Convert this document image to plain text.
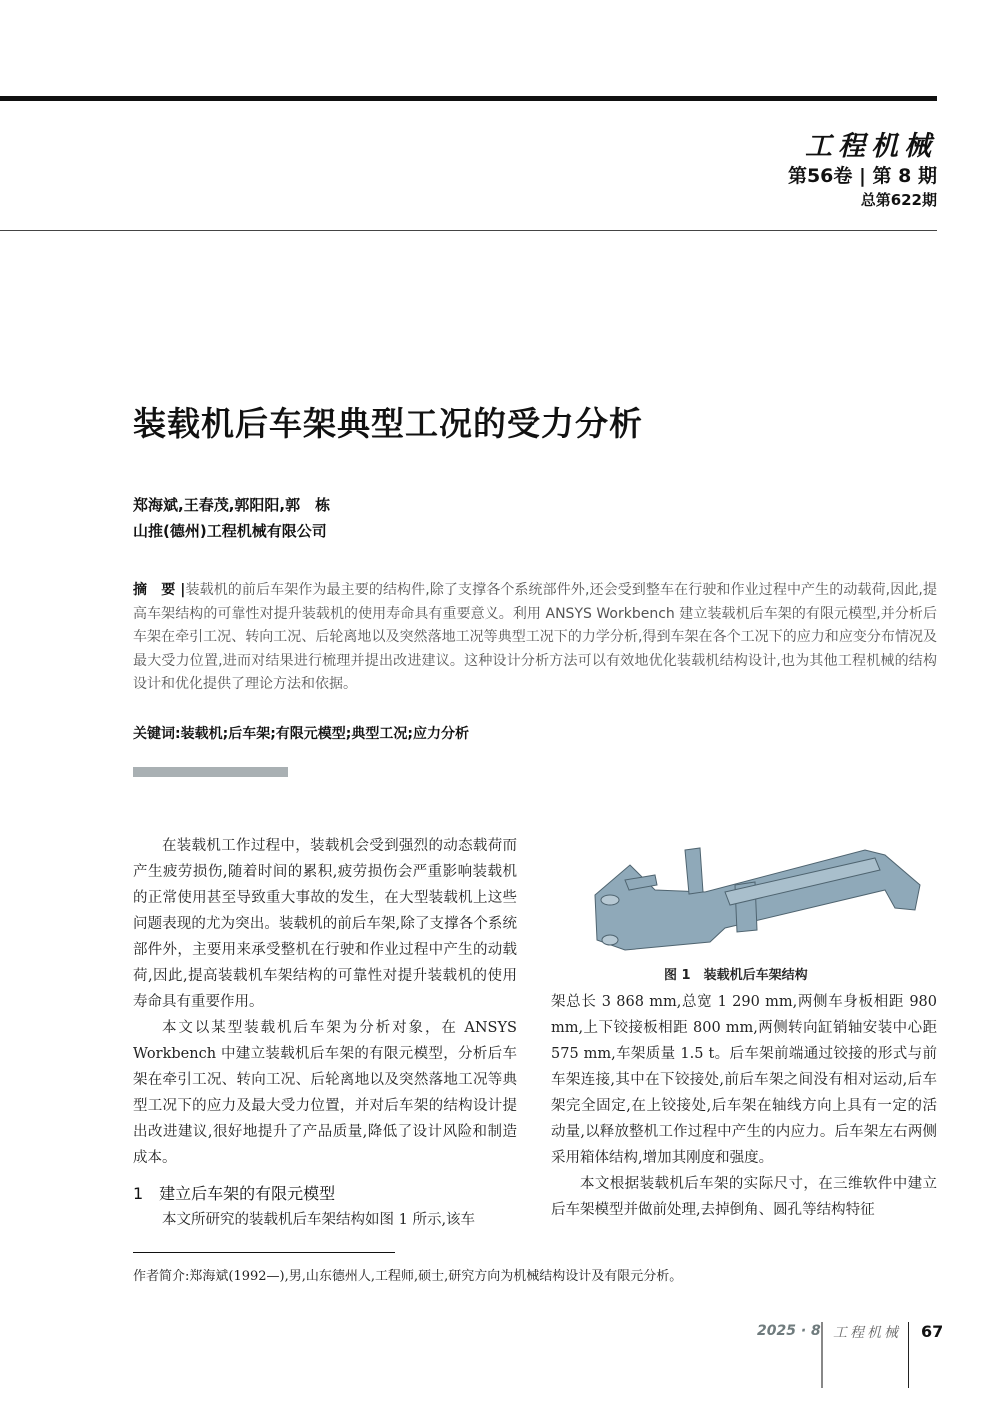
工程机械
第56卷 | 第 8 期
总第622期
装载机后车架典型工况的受力分析
郑海斌,王春茂,郭阳阳,郭　栋
山推(德州)工程机械有限公司
摘　要 |装载机的前后车架作为最主要的结构件,除了支撑各个系统部件外,还会受到整车在行驶和作业过程中产生的动载荷,因此,提高车架结构的可靠性对提升装载机的使用寿命具有重要意义。利用 ANSYS Workbench 建立装载机后车架的有限元模型,并分析后车架在牵引工况、转向工况、后轮离地以及突然落地工况等典型工况下的力学分析,得到车架在各个工况下的应力和应变分布情况及最大受力位置,进而对结果进行梳理并提出改进建议。这种设计分析方法可以有效地优化装载机结构设计,也为其他工程机械的结构设计和优化提供了理论方法和依据。
关键词:装载机;后车架;有限元模型;典型工况;应力分析

在装载机工作过程中，装载机会受到强烈的动态载荷而产生疲劳损伤,随着时间的累积,疲劳损伤会严重影响装载机的正常使用甚至导致重大事故的发生，在大型装载机上这些问题表现的尤为突出。装载机的前后车架,除了支撑各个系统部件外，主要用来承受整机在行驶和作业过程中产生的动载荷,因此,提高装载机车架结构的可靠性对提升装载机的使用寿命具有重要作用。

本文以某型装载机后车架为分析对象，在 ANSYS Workbench 中建立装载机后车架的有限元模型，分析后车架在牵引工况、转向工况、后轮离地以及突然落地工况等典型工况下的应力及最大受力位置，并对后车架的结构设计提出改进建议,很好地提升了产品质量,降低了设计风险和制造成本。

1　建立后车架的有限元模型

本文所研究的装载机后车架结构如图 1 所示,该车

图 1　装载机后车架结构

架总长 3 868 mm,总宽 1 290 mm,两侧车身板相距 980 mm,上下铰接板相距 800 mm,两侧转向缸销轴安装中心距 575 mm,车架质量 1.5 t。后车架前端通过铰接的形式与前车架连接,其中在下铰接处,前后车架之间没有相对运动,后车架完全固定,在上铰接处,后车架在轴线方向上具有一定的活动量,以释放整机工作过程中产生的内应力。后车架左右两侧采用箱体结构,增加其刚度和强度。

本文根据装载机后车架的实际尺寸，在三维软件中建立后车架模型并做前处理,去掉倒角、圆孔等结构特征

作者简介:郑海斌(1992—),男,山东德州人,工程师,硕士,研究方向为机械结构设计及有限元分析。
2025 · 8 工程机械 67
